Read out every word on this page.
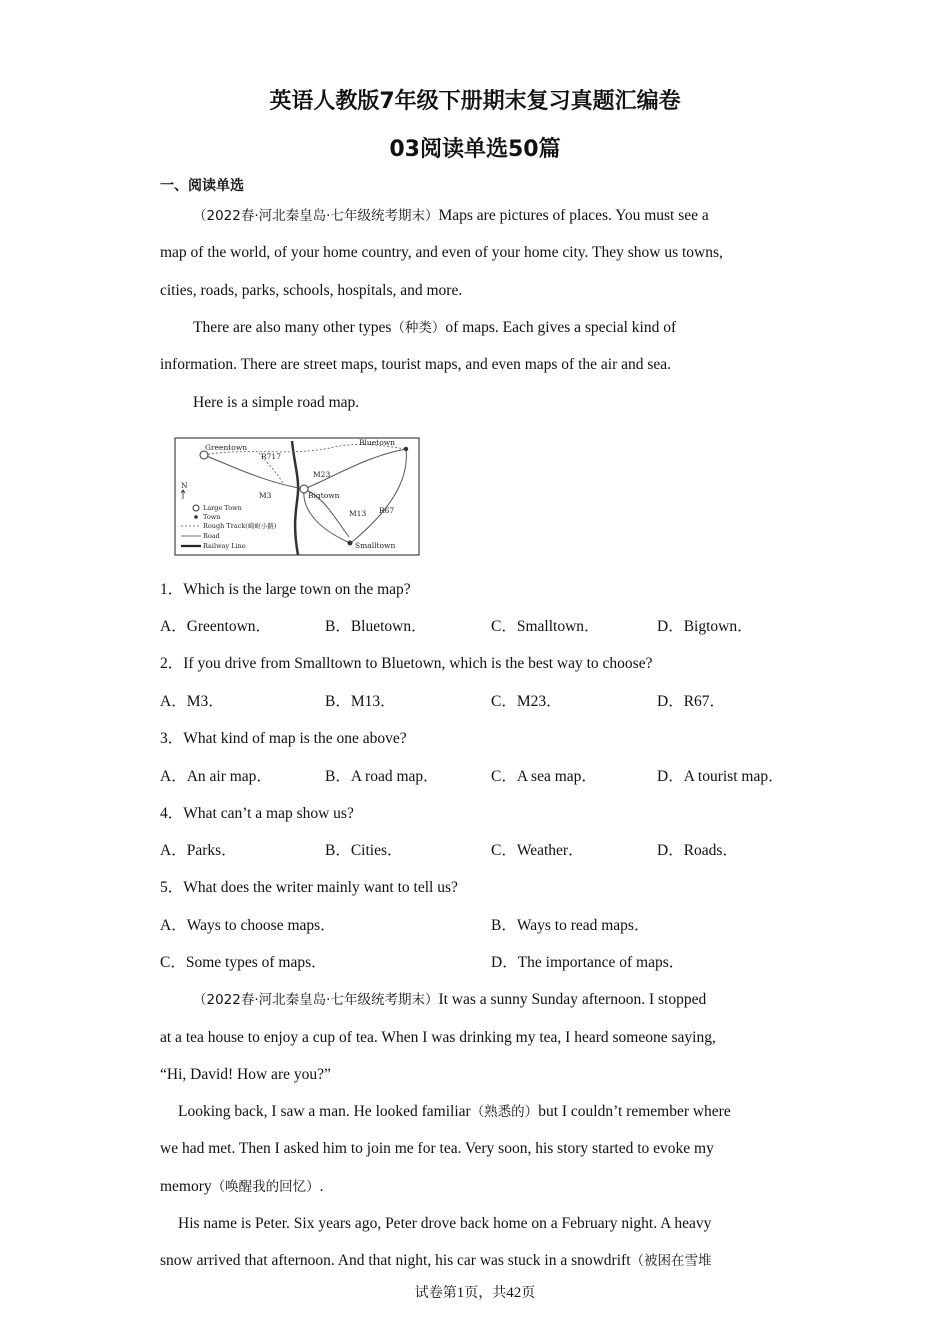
英语人教版7年级下册期末复习真题汇编卷
03阅读单选50篇
一、阅读单选
（2022春·河北秦皇岛·七年级统考期末）Maps are pictures of places. You must see a
map of the world, of your home country, and even of your home city. They show us towns,
cities, roads, parks, schools, hospitals, and more.
There are also many other types（种类）of maps. Each gives a special kind of
information. There are street maps, tourist maps, and even maps of the air and sea.
Here is a simple road map.
Greentown
Bluetown
Bigtown
Smalltown
R717
M23
M3
M13 R67
N
Large Town
Town
Rough Track(崎岖小路)
Road
Railway Line
1．Which is the large town on the map?
A．Greentown．	B．Bluetown．	C．Smalltown．	D．Bigtown．
2．If you drive from Smalltown to Bluetown, which is the best way to choose?
A．M3．	B．M13．	C．M23．	D．R67．
3．What kind of map is the one above?
A．An air map．	B．A road map．	C．A sea map．	D．A tourist map．
4．What can’t a map show us?
A．Parks．	B．Cities．	C．Weather．	D．Roads．
5．What does the writer mainly want to tell us?
A．Ways to choose maps．	B．Ways to read maps．
C．Some types of maps．	D．The importance of maps．
（2022春·河北秦皇岛·七年级统考期末）It was a sunny Sunday afternoon. I stopped
at a tea house to enjoy a cup of tea. When I was drinking my tea, I heard someone saying,
“Hi, David! How are you?”
Looking back, I saw a man. He looked familiar（熟悉的）but I couldn’t remember where
we had met. Then I asked him to join me for tea. Very soon, his story started to evoke my
memory（唤醒我的回忆）.
His name is Peter. Six years ago, Peter drove back home on a February night. A heavy
snow arrived that afternoon. And that night, his car was stuck in a snowdrift（被困在雪堆
试卷第1页，共42页
